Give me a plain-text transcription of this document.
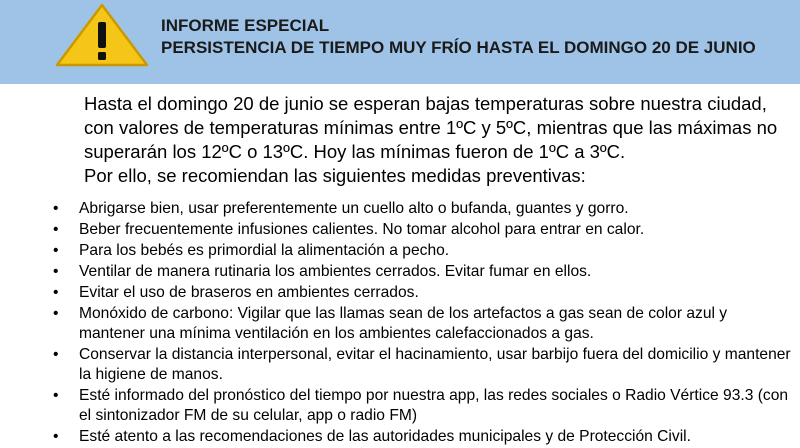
INFORME ESPECIAL
PERSISTENCIA DE TIEMPO MUY FRÍO HASTA EL DOMINGO 20 DE JUNIO

Hasta el domingo 20 de junio se esperan bajas temperaturas sobre nuestra ciudad, con valores de temperaturas mínimas entre 1ºC y 5ºC, mientras que las máximas no superarán los 12ºC o 13ºC. Hoy las mínimas fueron de 1ºC a 3ºC.

Por ello, se recomiendan las siguientes medidas preventivas:

• Abrigarse bien, usar preferentemente un cuello alto o bufanda, guantes y gorro.
• Beber frecuentemente infusiones calientes. No tomar alcohol para entrar en calor.
• Para los bebés es primordial la alimentación a pecho.
• Ventilar de manera rutinaria los ambientes cerrados. Evitar fumar en ellos.
• Evitar el uso de braseros en ambientes cerrados.
• Monóxido de carbono: Vigilar que las llamas sean de los artefactos a gas sean de color azul y mantener una mínima ventilación en los ambientes calefaccionados a gas.
• Conservar la distancia interpersonal, evitar el hacinamiento, usar barbijo fuera del domicilio y mantener la higiene de manos.
• Esté informado del pronóstico del tiempo por nuestra app, las redes sociales o Radio Vértice 93.3 (con el sintonizador FM de su celular, app o radio FM)
• Esté atento a las recomendaciones de las autoridades municipales y de Protección Civil.
